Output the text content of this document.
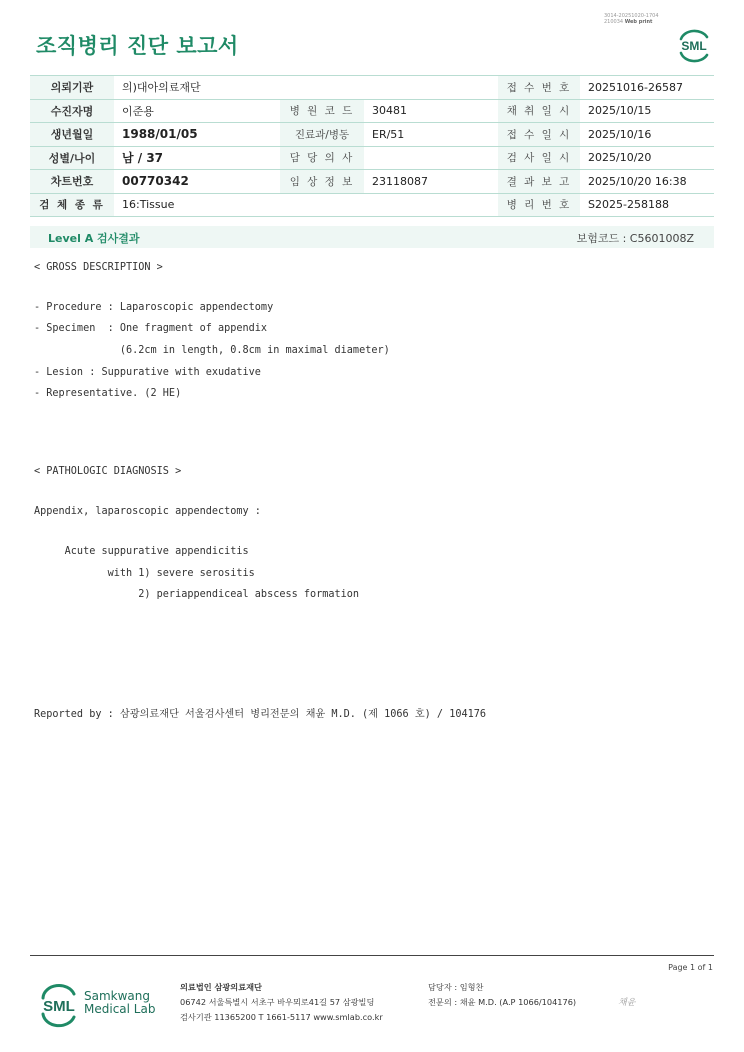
조직병리 진단 보고서
3014-20251020-1704
210034 Web print
SML
의뢰기관	의)대아의료재단			접 수 번 호	20251016-26587
수진자명	이준용	병 원 코 드	30481	채 취 일 시	2025/10/15
생년월일	1988/01/05	진료과/병동	ER/51	접 수 일 시	2025/10/16
성별/나이	남 / 37	담 당 의 사		검 사 일 시	2025/10/20
차트번호	00770342	임 상 정 보	23118087	결 과 보 고	2025/10/20 16:38
검 체 종 류	16:Tissue			병 리 번 호	S2025-258188
Level A 검사결과	보험코드 : C5601008Z
< GROSS DESCRIPTION >
- Procedure : Laparoscopic appendectomy
- Specimen  : One fragment of appendix
(6.2cm in length, 0.8cm in maximal diameter)
- Lesion : Suppurative with exudative
- Representative. (2 HE)
< PATHOLOGIC DIAGNOSIS >
Appendix, laparoscopic appendectomy :
Acute suppurative appendicitis
with 1) severe serositis
2) periappendiceal abscess formation
Reported by : 삼광의료재단 서울검사센터 병리전문의 채윤 M.D. (제 1066 호) / 104176
Page 1 of 1
SML
Samkwang
Medical Lab
의료법인 삼광의료재단
06742 서울특별시 서초구 바우뫼로41길 57 삼광빌딩
검사기관 11365200 T 1661-5117 www.smlab.co.kr
담당자 : 임형찬
전문의 : 채윤 M.D. (A.P 1066/104176)	채윤
